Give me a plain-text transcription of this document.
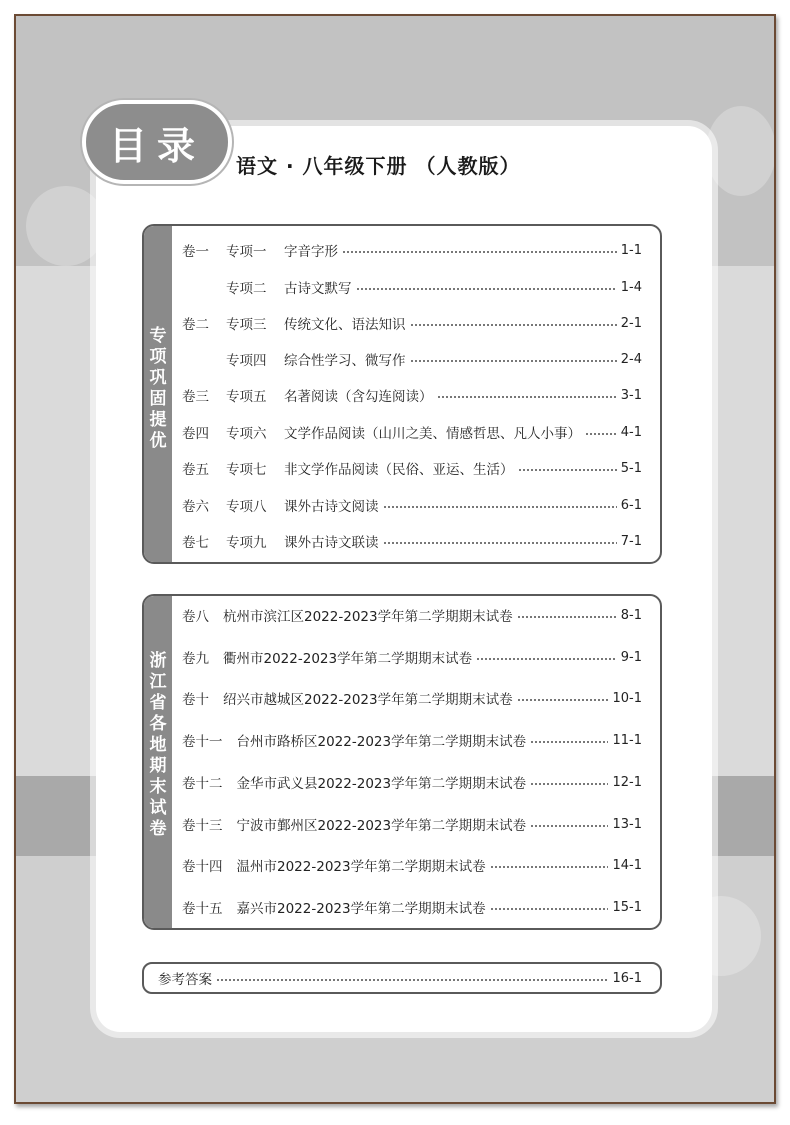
目录 语文 · 八年级下册 （人教版）
专项巩固提优
卷一	专项一	字音字形	1-1
专项二	古诗文默写	1-4
卷二	专项三	传统文化、语法知识	2-1
专项四	综合性学习、微写作	2-4
卷三	专项五	名著阅读（含勾连阅读）	3-1
卷四	专项六	文学作品阅读（山川之美、情感哲思、凡人小事）	4-1
卷五	专项七	非文学作品阅读（民俗、亚运、生活）	5-1
卷六	专项八	课外古诗文阅读	6-1
卷七	专项九	课外古诗文联读	7-1
浙江省各地期末试卷
卷八 杭州市滨江区2022-2023学年第二学期期末试卷	8-1
卷九 衢州市2022-2023学年第二学期期末试卷	9-1
卷十 绍兴市越城区2022-2023学年第二学期期末试卷	10-1
卷十一 台州市路桥区2022-2023学年第二学期期末试卷	11-1
卷十二 金华市武义县2022-2023学年第二学期期末试卷	12-1
卷十三 宁波市鄞州区2022-2023学年第二学期期末试卷	13-1
卷十四 温州市2022-2023学年第二学期期末试卷	14-1
卷十五 嘉兴市2022-2023学年第二学期期末试卷	15-1
参考答案	16-1
